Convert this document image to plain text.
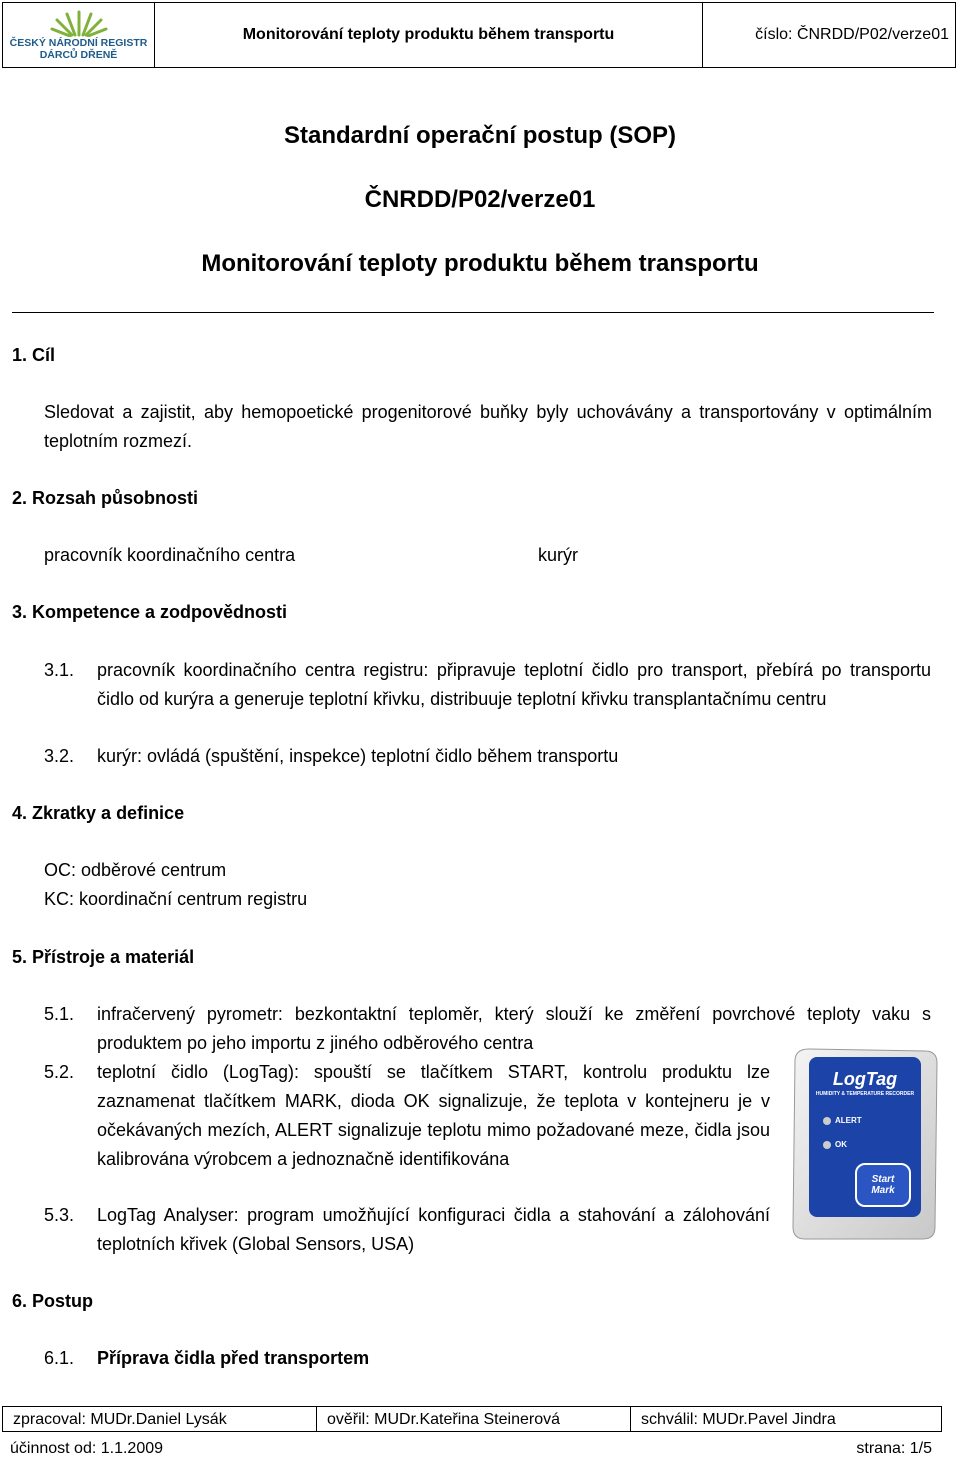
ČESKÝ NÁRODNÍ REGISTR
DÁRCŮ DŘENĚ
Monitorování teploty produktu během transportu	číslo: ČNRDD/P02/verze01
Standardní operační postup (SOP)
ČNRDD/P02/verze01
Monitorování teploty produktu během transportu
1. Cíl
Sledovat a zajistit, aby hemopoetické progenitorové buňky byly uchovávány a transportovány v optimálním teplotním rozmezí.
2. Rozsah působnosti
pracovník koordinačního centra	kurýr
3. Kompetence a zodpovědnosti
3.1. pracovník koordinačního centra registru: připravuje teplotní čidlo pro transport, přebírá po transportu čidlo od kurýra a generuje teplotní křivku, distribuuje teplotní křivku transplantačnímu centru
3.2. kurýr: ovládá (spuštění, inspekce) teplotní čidlo během transportu
4. Zkratky a definice
OC: odběrové centrum
KC: koordinační centrum registru
5. Přístroje a materiál
5.1. infračervený pyrometr: bezkontaktní teploměr, který slouží ke změření povrchové teploty vaku s produktem po jeho importu z jiného odběrového centra
5.2. teplotní čidlo (LogTag): spouští se tlačítkem START, kontrolu produktu lze zaznamenat tlačítkem MARK, dioda OK signalizuje, že teplota v kontejneru je v očekávaných mezích, ALERT signalizuje teplotu mimo požadované meze, čidla jsou kalibrována výrobcem a jednoznačně identifikována
5.3. LogTag Analyser: program umožňující konfiguraci čidla a stahování a zálohování teplotních křivek (Global Sensors, USA)
LogTag
HUMIDITY & TEMPERATURE RECORDER
ALERT
OK
Start
Mark
6. Postup
6.1. Příprava čidla před transportem
zpracoval: MUDr.Daniel Lysák	ověřil: MUDr.Kateřina Steinerová	schválil: MUDr.Pavel Jindra
účinnost od: 1.1.2009	strana: 1/5
